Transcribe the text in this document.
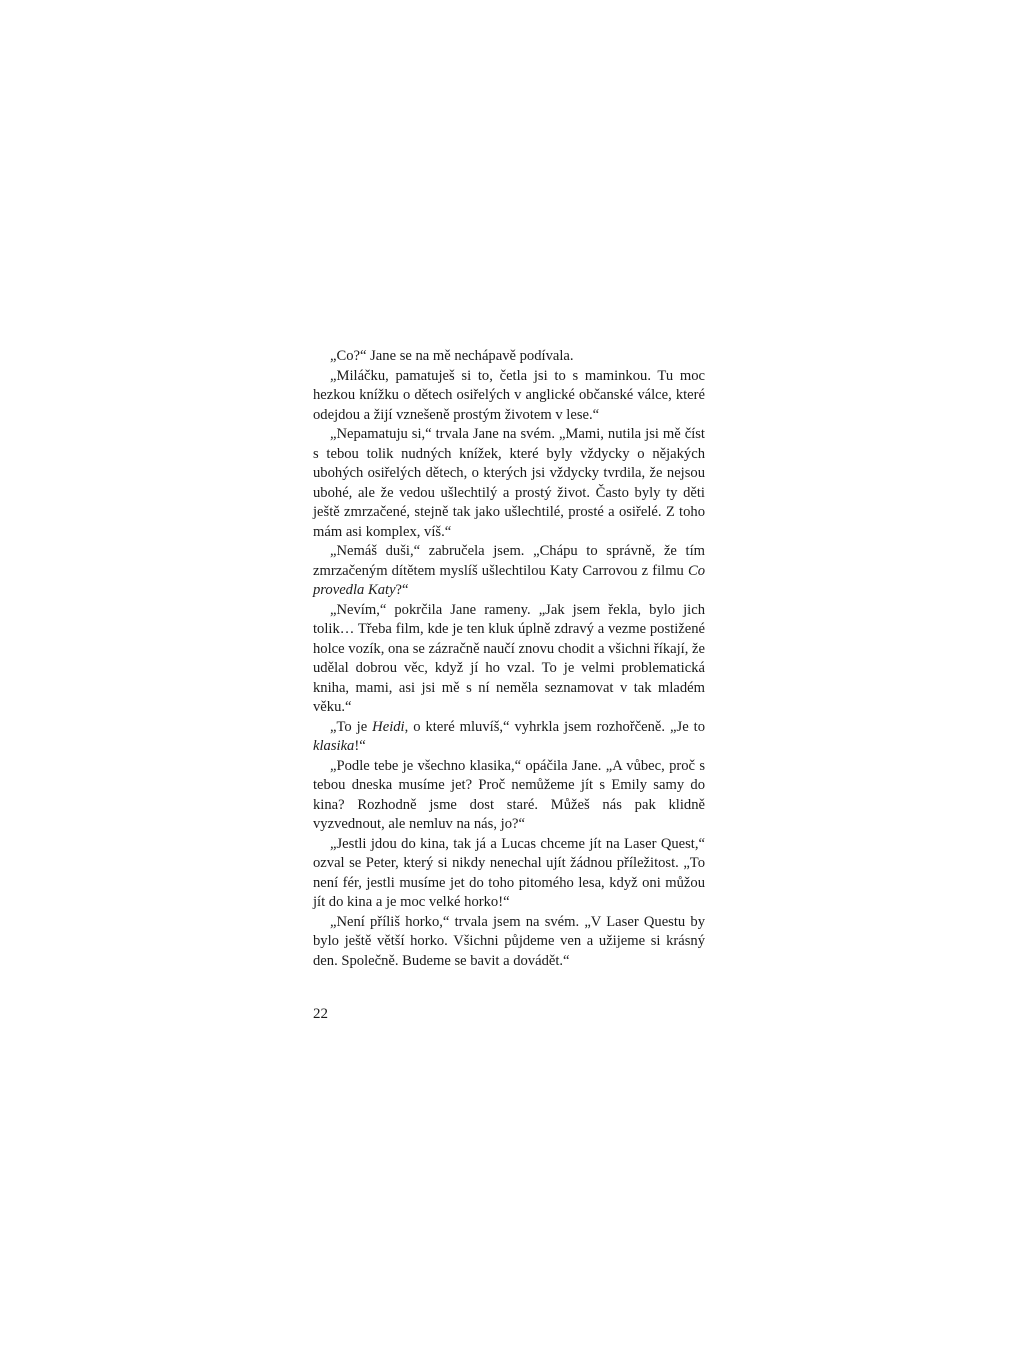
„Co?“ Jane se na mě nechápavě podívala.

„Miláčku, pamatuješ si to, četla jsi to s maminkou. Tu moc hezkou knížku o dětech osiřelých v anglické občanské válce, které odejdou a žijí vznešeně prostým životem v lese.“

„Nepamatuju si,“ trvala Jane na svém. „Mami, nutila jsi mě číst s tebou tolik nudných knížek, které byly vždycky o nějakých ubohých osiřelých dětech, o kterých jsi vždycky tvrdila, že nejsou ubohé, ale že vedou ušlechtilý a prostý život. Často byly ty děti ještě zmrzačené, stejně tak jako ušlechtilé, prosté a osiřelé. Z toho mám asi komplex, víš.“

„Nemáš duši,“ zabručela jsem. „Chápu to správně, že tím zmrzačeným dítětem myslíš ušlechtilou Katy Carrovou z filmu Co provedla Katy?“

„Nevím,“ pokrčila Jane rameny. „Jak jsem řekla, bylo jich tolik… Třeba film, kde je ten kluk úplně zdravý a vezme postižené holce vozík, ona se zázračně naučí znovu chodit a všichni říkají, že udělal dobrou věc, když jí ho vzal. To je velmi problematická kniha, mami, asi jsi mě s ní neměla seznamovat v tak mladém věku.“

„To je Heidi, o které mluvíš,“ vyhrkla jsem rozhořčeně. „Je to klasika!“

„Podle tebe je všechno klasika,“ opáčila Jane. „A vůbec, proč s tebou dneska musíme jet? Proč nemůžeme jít s Emily samy do kina? Rozhodně jsme dost staré. Můžeš nás pak klidně vyzvednout, ale nemluv na nás, jo?“

„Jestli jdou do kina, tak já a Lucas chceme jít na Laser Quest,“ ozval se Peter, který si nikdy nenechal ujít žádnou příležitost. „To není fér, jestli musíme jet do toho pitomého lesa, když oni můžou jít do kina a je moc velké horko!“

„Není příliš horko,“ trvala jsem na svém. „V Laser Questu by bylo ještě větší horko. Všichni půjdeme ven a užijeme si krásný den. Společně. Budeme se bavit a dovádět.“

22
